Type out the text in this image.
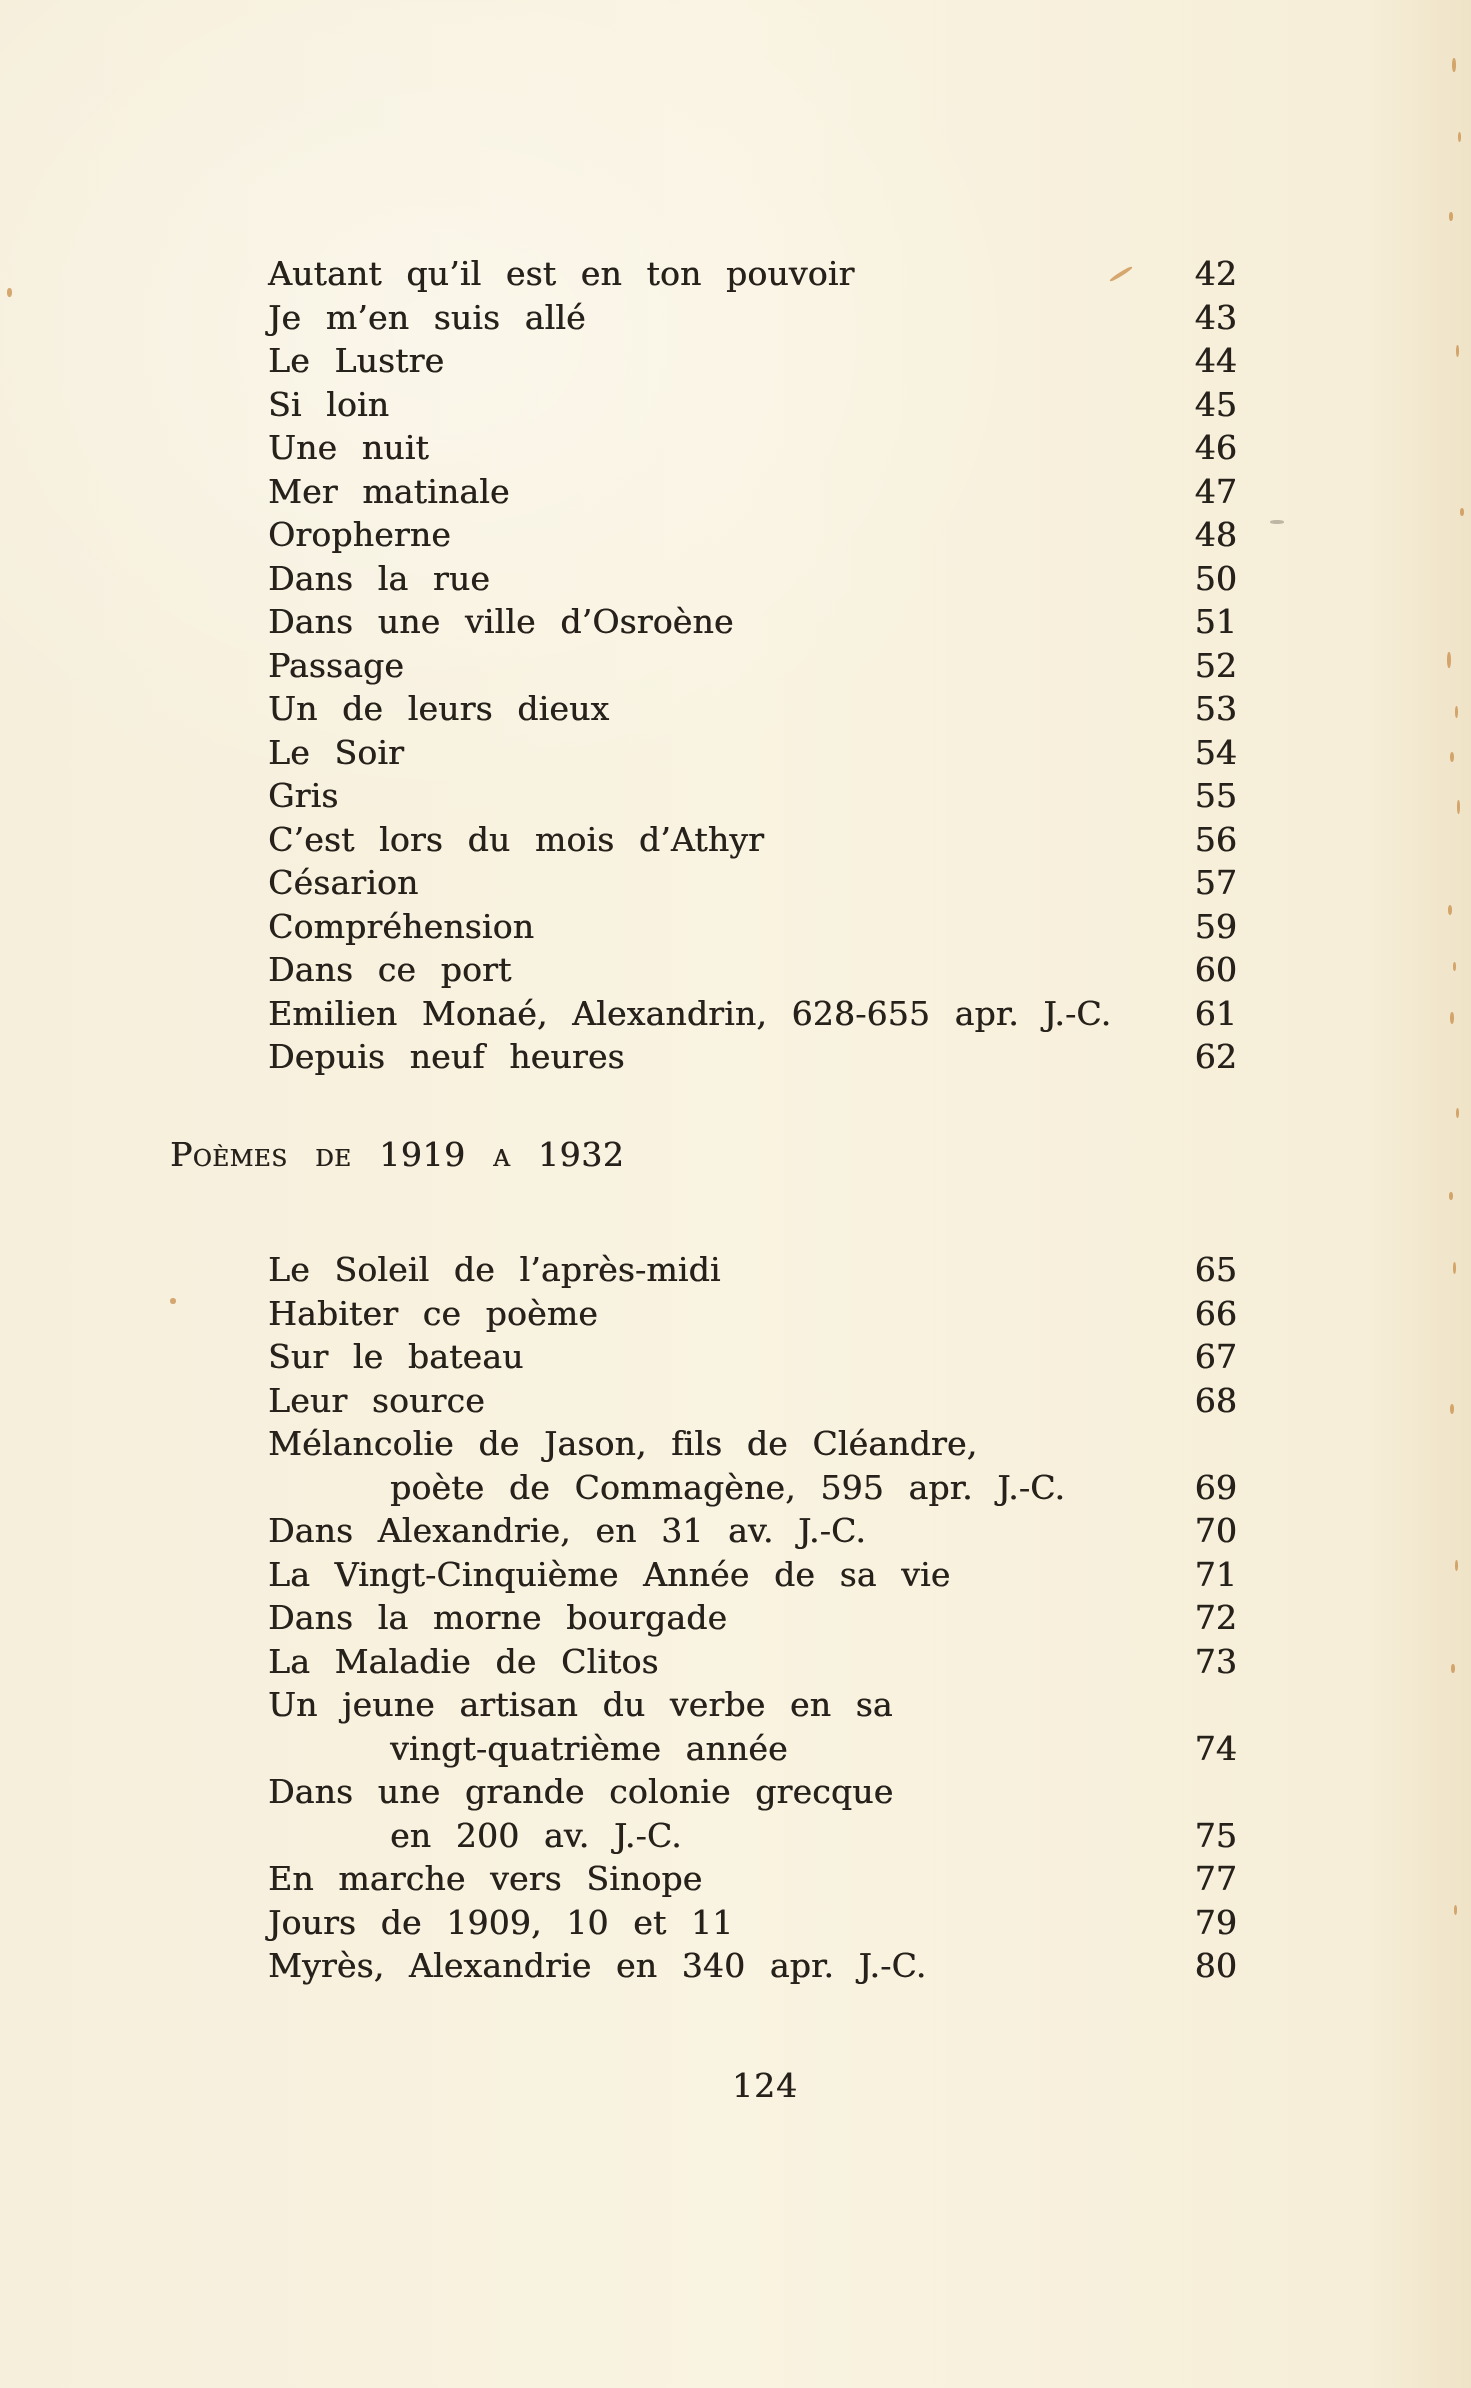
Autant qu’il est en ton pouvoir	42
Je m’en suis allé	43
Le Lustre	44
Si loin	45
Une nuit	46
Mer matinale	47
Oropherne	48
Dans la rue	50
Dans une ville d’Osroène	51
Passage	52
Un de leurs dieux	53
Le Soir	54
Gris	55
C’est lors du mois d’Athyr	56
Césarion	57
Compréhension	59
Dans ce port	60
Emilien Monaé, Alexandrin, 628-655 apr. J.-C.	61
Depuis neuf heures	62
Poèmes de 1919 a 1932
Le Soleil de l’après-midi	65
Habiter ce poème	66
Sur le bateau	67
Leur source	68
Mélancolie de Jason, fils de Cléandre,
poète de Commagène, 595 apr. J.-C.	69
Dans Alexandrie, en 31 av. J.-C.	70
La Vingt-Cinquième Année de sa vie	71
Dans la morne bourgade	72
La Maladie de Clitos	73
Un jeune artisan du verbe en sa
vingt-quatrième année	74
Dans une grande colonie grecque
en 200 av. J.-C.	75
En marche vers Sinope	77
Jours de 1909, 10 et 11	79
Myrès, Alexandrie en 340 apr. J.-C.	80
124
